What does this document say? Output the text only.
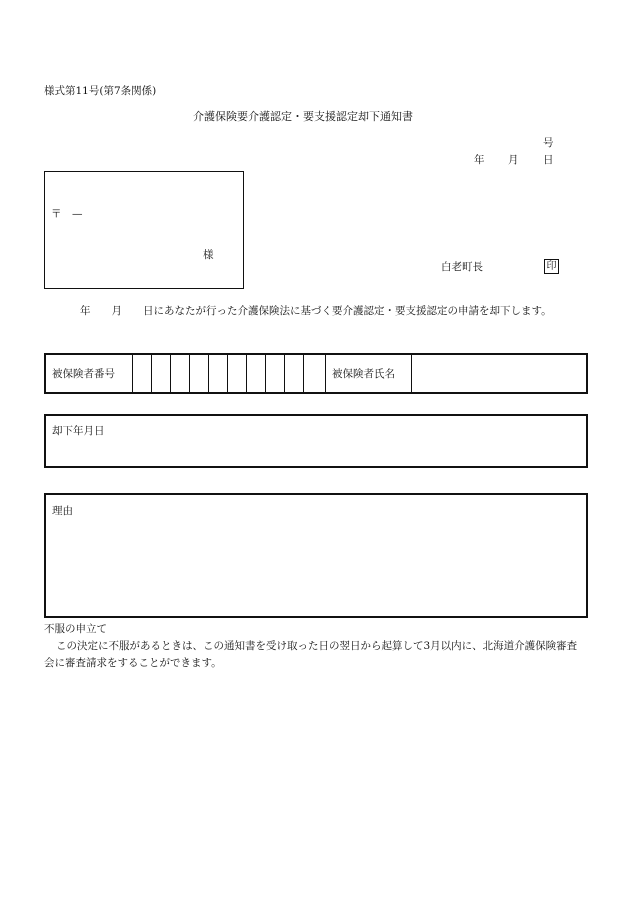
様式第11号(第7条関係)
介護保険要介護認定・要支援認定却下通知書
号
年 月 日
〒　—
様
白老町長	印
年　　月　　日にあなたが行った介護保険法に基づく要介護認定・要支援認定の申請を却下します。
被保険者番号	被保険者氏名
却下年月日
理由
不服の申立て
この決定に不服があるときは、この通知書を受け取った日の翌日から起算して3月以内に、北海道介護保険審査会に審査請求をすることができます。
